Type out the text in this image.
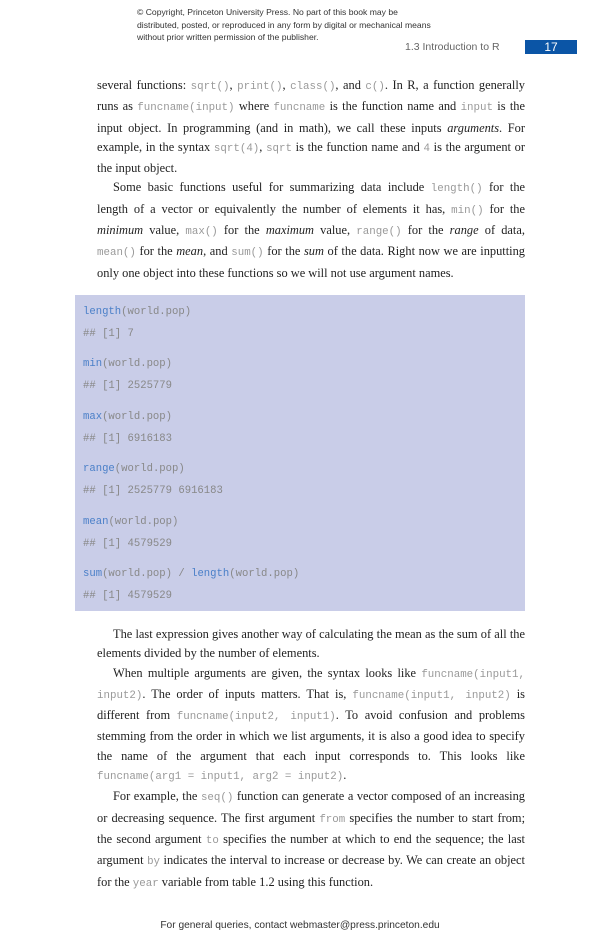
© Copyright, Princeton University Press. No part of this book may be distributed, posted, or reproduced in any form by digital or mechanical means without prior written permission of the publisher.
1.3 Introduction to R	17

several functions: sqrt(), print(), class(), and c(). In R, a function generally runs as funcname(input) where funcname is the function name and input is the input object. In programming (and in math), we call these inputs arguments. For example, in the syntax sqrt(4), sqrt is the function name and 4 is the argument or the input object.

Some basic functions useful for summarizing data include length() for the length of a vector or equivalently the number of elements it has, min() for the minimum value, max() for the maximum value, range() for the range of data, mean() for the mean, and sum() for the sum of the data. Right now we are inputting only one object into these functions so we will not use argument names.

length(world.pop)
## [1] 7
min(world.pop)
## [1] 2525779
max(world.pop)
## [1] 6916183
range(world.pop)
## [1] 2525779 6916183
mean(world.pop)
## [1] 4579529
sum(world.pop) / length(world.pop)
## [1] 4579529

The last expression gives another way of calculating the mean as the sum of all the elements divided by the number of elements.

When multiple arguments are given, the syntax looks like funcname(input1, input2). The order of inputs matters. That is, funcname(input1, input2) is different from funcname(input2, input1). To avoid confusion and problems stemming from the order in which we list arguments, it is also a good idea to specify the name of the argument that each input corresponds to. This looks like funcname(arg1 = input1, arg2 = input2).

For example, the seq() function can generate a vector composed of an increasing or decreasing sequence. The first argument from specifies the number to start from; the second argument to specifies the number at which to end the sequence; the last argument by indicates the interval to increase or decrease by. We can create an object for the year variable from table 1.2 using this function.

For general queries, contact webmaster@press.princeton.edu
